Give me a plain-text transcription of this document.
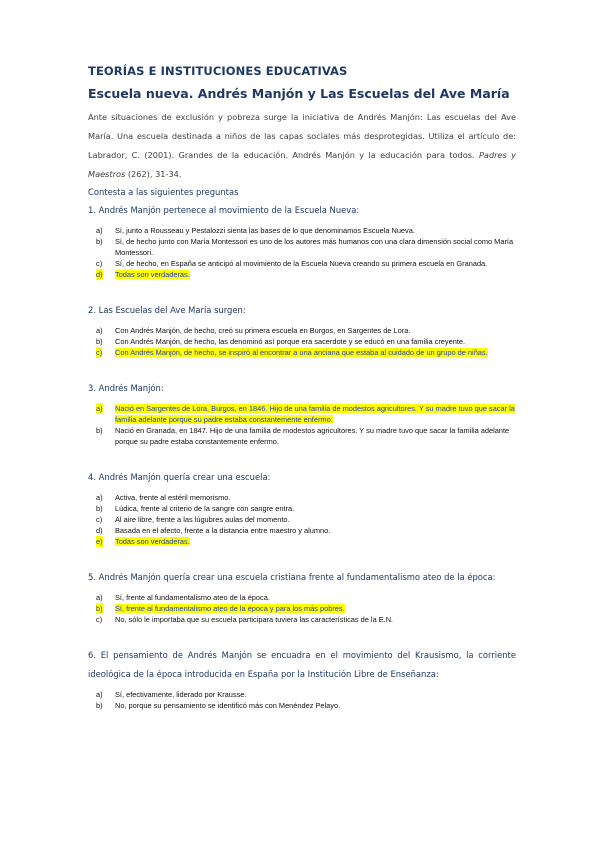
TEORÍAS E INSTITUCIONES EDUCATIVAS
Escuela nueva. Andrés Manjón y Las Escuelas del Ave María

Ante situaciones de exclusión y pobreza surge la iniciativa de Andrés Manjón: Las escuelas del Ave María. Una escuela destinada a niños de las capas sociales más desprotegidas. Utiliza el artículo de: Labrador, C. (2001). Grandes de la educación. Andrés Manjón y la educación para todos. Padres y Maestros (262), 31-34.

Contesta a las siguientes preguntas

1. Andrés Manjón pertenece al movimiento de la Escuela Nueva:

a) Sí, junto a Rousseau y Pestalozzi sienta las bases de lo que denominamos Escuela Nueva.
b) Sí, de hecho junto con María Montessori es uno de los autores más humanos con una clara dimensión social como María Montessori.
c) Sí, de hecho, en España se anticipó al movimiento de la Escuela Nueva creando su primera escuela en Granada.
d) Todas son verdaderas.

2. Las Escuelas del Ave María surgen:

a) Con Andrés Manjón, de hecho, creó su primera escuela en Burgos, en Sargentes de Lora.
b) Con Andrés Manjón, de hecho, las denominó así porque era sacerdote y se educó en una familia creyente.
c) Con Andrés Manjón, de hecho, se inspiró al encontrar a una anciana que estaba al cuidado de un grupo de niñas.

3. Andrés Manjón:

a) Nació en Sargentes de Lora, Burgos, en 1846. Hijo de una familia de modestos agricultores. Y su madre tuvo que sacar la familia adelante porque su padre estaba constantemente enfermo.
b) Nació en Granada, en 1847. Hijo de una familia de modestos agricultores. Y su madre tuvo que sacar la familia adelante porque su padre estaba constantemente enfermo.

4. Andrés Manjón quería crear una escuela:

a) Activa, frente al estéril memorismo.
b) Lúdica, frente al criterio de la sangre con sangre entra.
c) Al aire libre, frente a las lúgubres aulas del momento.
d) Basada en el afecto, frente a la distancia entre maestro y alumno.
e) Todas son verdaderas.

5. Andrés Manjón quería crear una escuela cristiana frente al fundamentalismo ateo de la época:

a) Sí, frente al fundamentalismo ateo de la época.
b) Sí, frente al fundamentalismo ateo de la época y para los más pobres.
c) No, sólo le importaba que su escuela participara tuviera las características de la E.N.

6. El pensamiento de Andrés Manjón se encuadra en el movimiento del Krausismo, la corriente ideológica de la época introducida en España por la Institución Libre de Enseñanza:

a) Sí, efectivamente, liderado por Krausse.
b) No, porque su pensamiento se identificó más con Menéndez Pelayo.
